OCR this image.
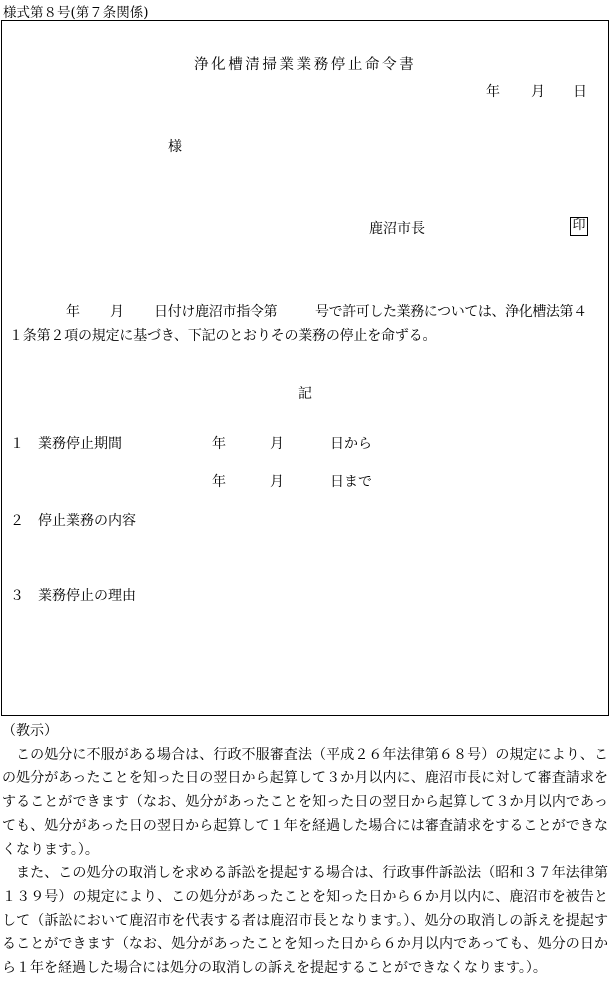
様式第８号(第７条関係)
浄化槽清掃業業務停止命令書
年 月 日
様
鹿沼市長	印
年 月 日付け鹿沼市指令第	号で許可した業務については、浄化槽法第４
１条第２項の規定に基づき、下記のとおりその業務の停止を命ずる。
記
１ 業務停止期間	年	月	日から
年	月	日まで
２ 停止業務の内容
３ 業務停止の理由

（教示）

この処分に不服がある場合は、行政不服審査法（平成２６年法律第６８号）の規定により、この処分があったことを知った日の翌日から起算して３か月以内に、鹿沼市長に対して審査請求をすることができます（なお、処分があったことを知った日の翌日から起算して３か月以内であっても、処分があった日の翌日から起算して１年を経過した場合には審査請求をすることができなくなります。）。

また、この処分の取消しを求める訴訟を提起する場合は、行政事件訴訟法（昭和３７年法律第１３９号）の規定により、この処分があったことを知った日から６か月以内に、鹿沼市を被告として（訴訟において鹿沼市を代表する者は鹿沼市長となります。）、処分の取消しの訴えを提起することができます（なお、処分があったことを知った日から６か月以内であっても、処分の日から１年を経過した場合には処分の取消しの訴えを提起することができなくなります。）。
